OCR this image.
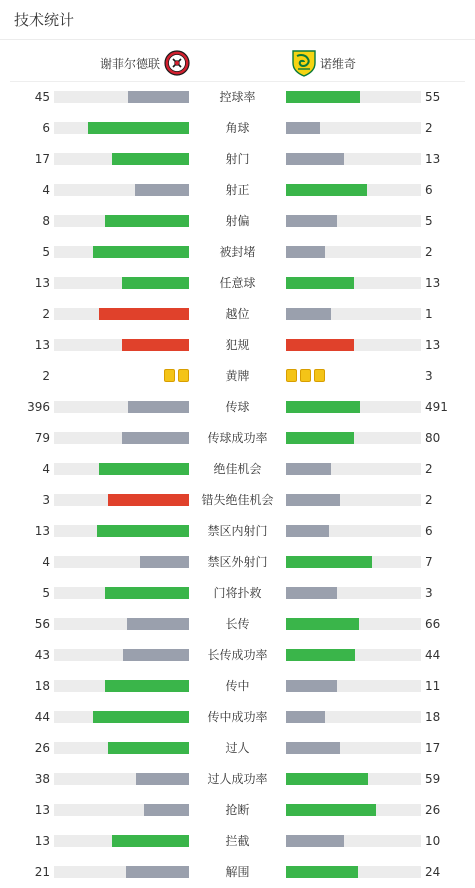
技术统计
谢菲尔德联	诺维奇
45	控球率	55
6	角球	2
17	射门	13
4	射正	6
8	射偏	5
5	被封堵	2
13	任意球	13
2	越位	1
13	犯规	13
2	黄牌	3
396	传球	491
79	传球成功率	80
4	绝佳机会	2
3	错失绝佳机会	2
13	禁区内射门	6
4	禁区外射门	7
5	门将扑救	3
56	长传	66
43	长传成功率	44
18	传中	11
44	传中成功率	18
26	过人	17
38	过人成功率	59
13	抢断	26
13	拦截	10
21	解围	24
